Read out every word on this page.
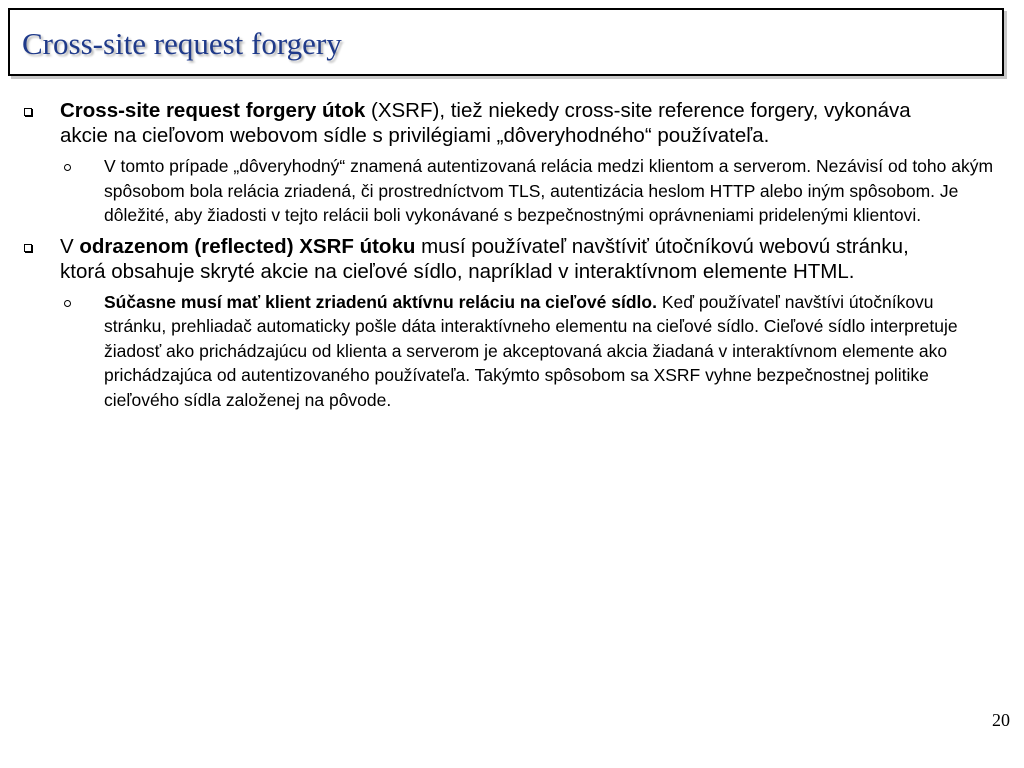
Cross-site request forgery
Cross-site request forgery útok (XSRF), tiež niekedy cross-site reference forgery, vykonáva akcie na cieľovom webovom sídle s privilégiami „dôveryhodného“ používateľa.
V tomto prípade „dôveryhodný“ znamená autentizovaná relácia medzi klientom a serverom. Nezávisí od toho akým spôsobom bola relácia zriadená, či prostredníctvom TLS, autentizácia heslom HTTP alebo iným spôsobom. Je dôležité, aby žiadosti v tejto relácii boli vykonávané s bezpečnostnými oprávneniami pridelenými klientovi.
V odrazenom (reflected) XSRF útoku musí používateľ navštíviť útočníkovú webovú stránku, ktorá obsahuje skryté akcie na cieľové sídlo, napríklad v interaktívnom elemente HTML.
Súčasne musí mať klient zriadenú aktívnu reláciu na cieľové sídlo. Keď používateľ navštívi útočníkovu stránku, prehliadač automaticky pošle dáta interaktívneho elementu na cieľové sídlo. Cieľové sídlo interpretuje žiadosť ako prichádzajúcu od klienta a serverom je akceptovaná akcia žiadaná v interaktívnom elemente ako prichádzajúca od autentizovaného používateľa. Takýmto spôsobom sa XSRF vyhne bezpečnostnej politike cieľového sídla založenej na pôvode.
20
